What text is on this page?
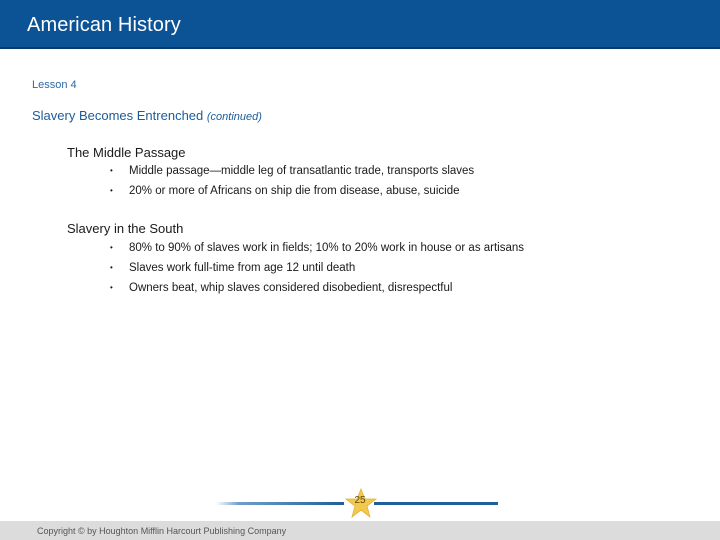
American History
Lesson 4
Slavery Becomes Entrenched (continued)
The Middle Passage
• Middle passage—middle leg of transatlantic trade, transports slaves
• 20% or more of Africans on ship die from disease, abuse, suicide
Slavery in the South
• 80% to 90% of slaves work in fields; 10% to 20% work in house or as artisans
• Slaves work full-time from age 12 until death
• Owners beat, whip slaves considered disobedient, disrespectful
25
Copyright © by Houghton Mifflin Harcourt Publishing Company
